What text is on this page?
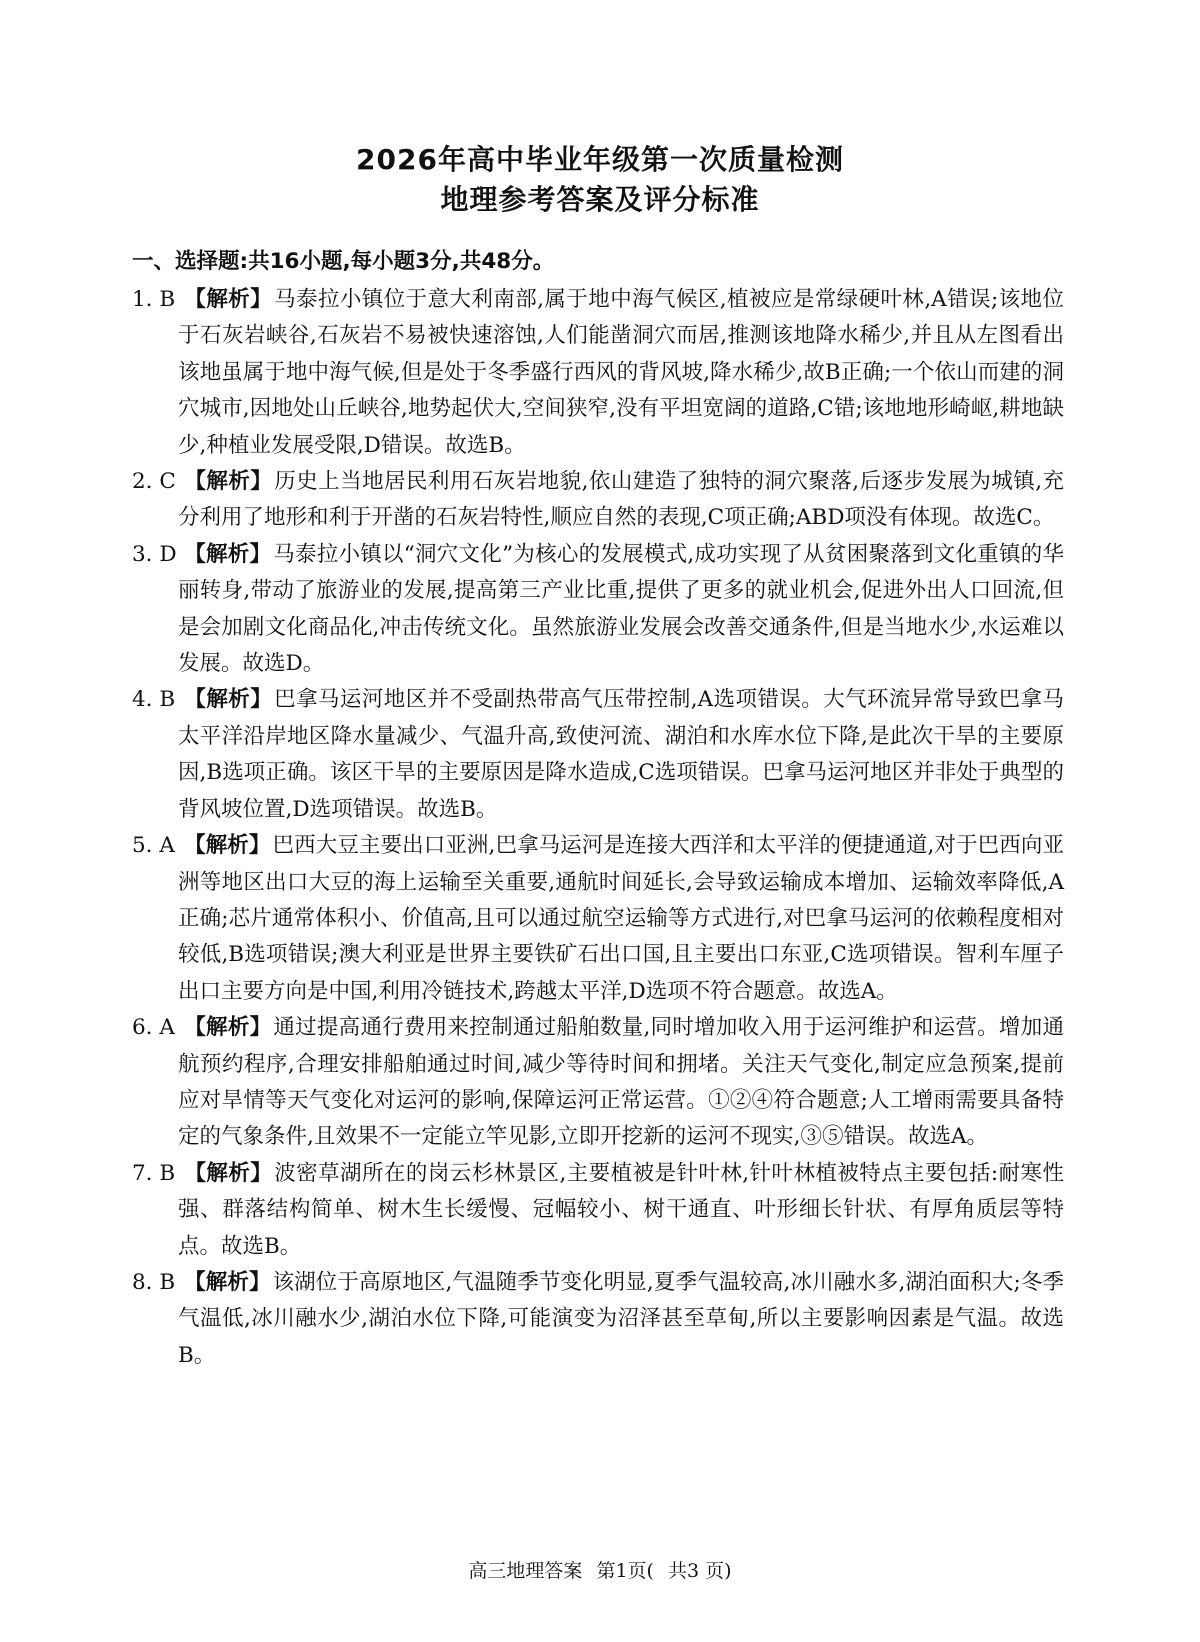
2026年高中毕业年级第一次质量检测
地理参考答案及评分标准
一、选择题:共16小题,每小题3分,共48分。
1. B 【解析】马泰拉小镇位于意大利南部,属于地中海气候区,植被应是常绿硬叶林,A错误;该地位于石灰岩峡谷,石灰岩不易被快速溶蚀,人们能凿洞穴而居,推测该地降水稀少,并且从左图看出该地虽属于地中海气候,但是处于冬季盛行西风的背风坡,降水稀少,故B正确;一个依山而建的洞穴城市,因地处山丘峡谷,地势起伏大,空间狭窄,没有平坦宽阔的道路,C错;该地地形崎岖,耕地缺少,种植业发展受限,D错误。故选B。
2. C 【解析】历史上当地居民利用石灰岩地貌,依山建造了独特的洞穴聚落,后逐步发展为城镇,充分利用了地形和利于开凿的石灰岩特性,顺应自然的表现,C项正确;ABD项没有体现。故选C。
3. D 【解析】马泰拉小镇以“洞穴文化”为核心的发展模式,成功实现了从贫困聚落到文化重镇的华丽转身,带动了旅游业的发展,提高第三产业比重,提供了更多的就业机会,促进外出人口回流,但是会加剧文化商品化,冲击传统文化。虽然旅游业发展会改善交通条件,但是当地水少,水运难以发展。故选D。
4. B 【解析】巴拿马运河地区并不受副热带高气压带控制,A选项错误。大气环流异常导致巴拿马太平洋沿岸地区降水量减少、气温升高,致使河流、湖泊和水库水位下降,是此次干旱的主要原因,B选项正确。该区干旱的主要原因是降水造成,C选项错误。巴拿马运河地区并非处于典型的背风坡位置,D选项错误。故选B。
5. A 【解析】巴西大豆主要出口亚洲,巴拿马运河是连接大西洋和太平洋的便捷通道,对于巴西向亚洲等地区出口大豆的海上运输至关重要,通航时间延长,会导致运输成本增加、运输效率降低,A正确;芯片通常体积小、价值高,且可以通过航空运输等方式进行,对巴拿马运河的依赖程度相对较低,B选项错误;澳大利亚是世界主要铁矿石出口国,且主要出口东亚,C选项错误。智利车厘子出口主要方向是中国,利用冷链技术,跨越太平洋,D选项不符合题意。故选A。
6. A 【解析】通过提高通行费用来控制通过船舶数量,同时增加收入用于运河维护和运营。增加通航预约程序,合理安排船舶通过时间,减少等待时间和拥堵。关注天气变化,制定应急预案,提前应对旱情等天气变化对运河的影响,保障运河正常运营。①②④符合题意;人工增雨需要具备特定的气象条件,且效果不一定能立竿见影,立即开挖新的运河不现实,③⑤错误。故选A。
7. B 【解析】波密草湖所在的岗云杉林景区,主要植被是针叶林,针叶林植被特点主要包括:耐寒性强、群落结构简单、树木生长缓慢、冠幅较小、树干通直、叶形细长针状、有厚角质层等特点。故选B。
8. B 【解析】该湖位于高原地区,气温随季节变化明显,夏季气温较高,冰川融水多,湖泊面积大;冬季气温低,冰川融水少,湖泊水位下降,可能演变为沼泽甚至草甸,所以主要影响因素是气温。故选B。
高三地理答案 第1页( 共3 页)
